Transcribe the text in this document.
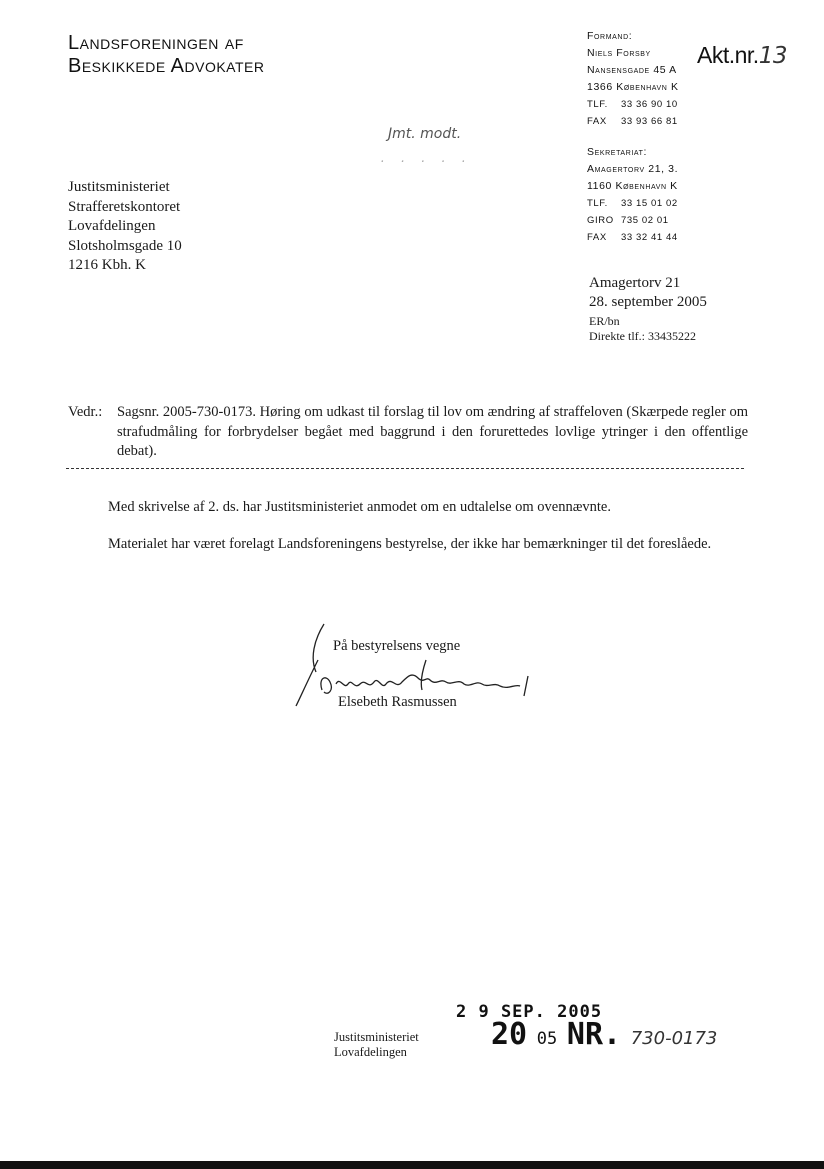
Landsforeningen af
Beskikkede Advokater
Formand:
Niels Forsby
Nansensgade 45 A
1366 København K
TLF. 33 36 90 10
FAX 33 93 66 81
Sekretariat:
Amagertorv 21, 3.
1160 København K
TLF. 33 15 01 02
GIRO 735 02 01
FAX 33 32 41 44
Akt.nr.13
Jmt. modt.
· · · · ·
Justitsministeriet
Strafferetskontoret
Lovafdelingen
Slotsholmsgade 10
1216 Kbh. K
Amagertorv 21
28. september 2005
ER/bn
Direkte tlf.: 33435222
Vedr.: Sagsnr. 2005-730-0173. Høring om udkast til forslag til lov om ændring af straffeloven (Skærpede regler om strafudmåling for forbrydelser begået med baggrund i den forurettedes lovlige ytringer i den offentlige debat).
Med skrivelse af 2. ds. har Justitsministeriet anmodet om en udtalelse om ovennævnte.
Materialet har været forelagt Landsforeningens bestyrelse, der ikke har bemærkninger til det foreslåede.
På bestyrelsens vegne
Elsebeth Rasmussen
2 9 SEP. 2005
Justitsministeriet
Lovafdelingen	20 05 NR. 730-0173
